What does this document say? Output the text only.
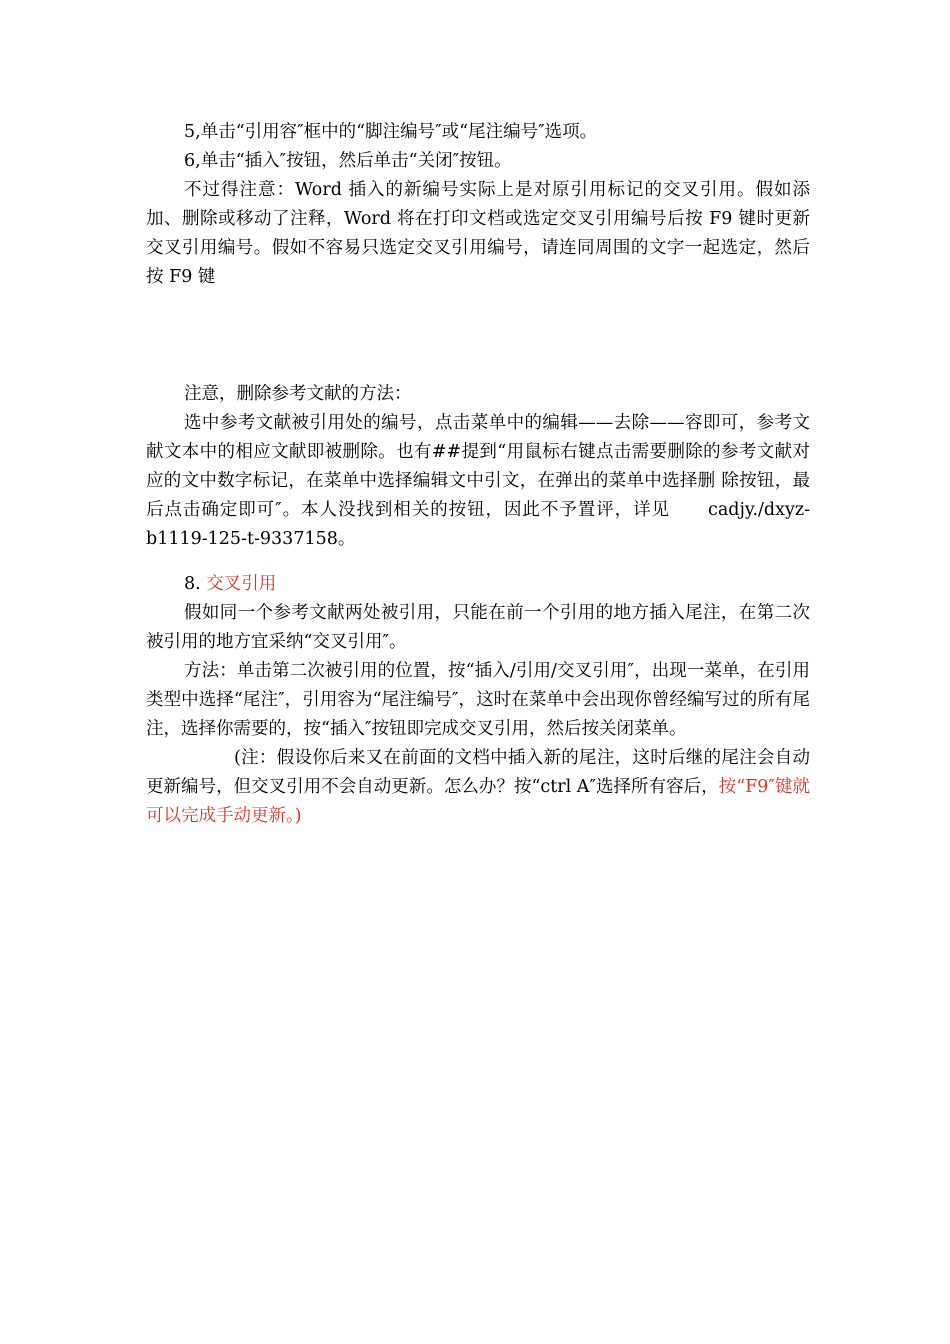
5,单击“引用容″框中的“脚注编号″或“尾注编号″选项。

6,单击“插入″按钮，然后单击“关闭″按钮。

不过得注意：Word 插入的新编号实际上是对原引用标记的交叉引用。假如添加、删除或移动了注释，Word 将在打印文档或选定交叉引用编号后按 F9 键时更新交叉引用编号。假如不容易只选定交叉引用编号，请连同周围的文字一起选定，然后按 F9 键

注意，删除参考文献的方法：

选中参考文献被引用处的编号，点击菜单中的编辑——去除——容即可，参考文献文本中的相应文献即被删除。也有##提到“用鼠标右键点击需要删除的参考文献对应的文中数字标记，在菜单中选择编辑文中引文，在弹出的菜单中选择删 除按钮，最后点击确定即可″。本人没找到相关的按钮，因此不予置评，详见 cadjy./dxyz-b1119-125-t-9337158。

8. 交叉引用

假如同一个参考文献两处被引用，只能在前一个引用的地方插入尾注，在第二次被引用的地方宜采纳“交叉引用″。

方法：单击第二次被引用的位置，按“插入/引用/交叉引用″，出现一菜单，在引用类型中选择“尾注″，引用容为“尾注编号″，这时在菜单中会出现你曾经编写过的所有尾注，选择你需要的，按“插入″按钮即完成交叉引用，然后按关闭菜单。

(注：假设你后来又在前面的文档中插入新的尾注，这时后继的尾注会自动更新编号，但交叉引用不会自动更新。怎么办？按“ctrl A″选择所有容后，按“F9″键就可以完成手动更新。)
